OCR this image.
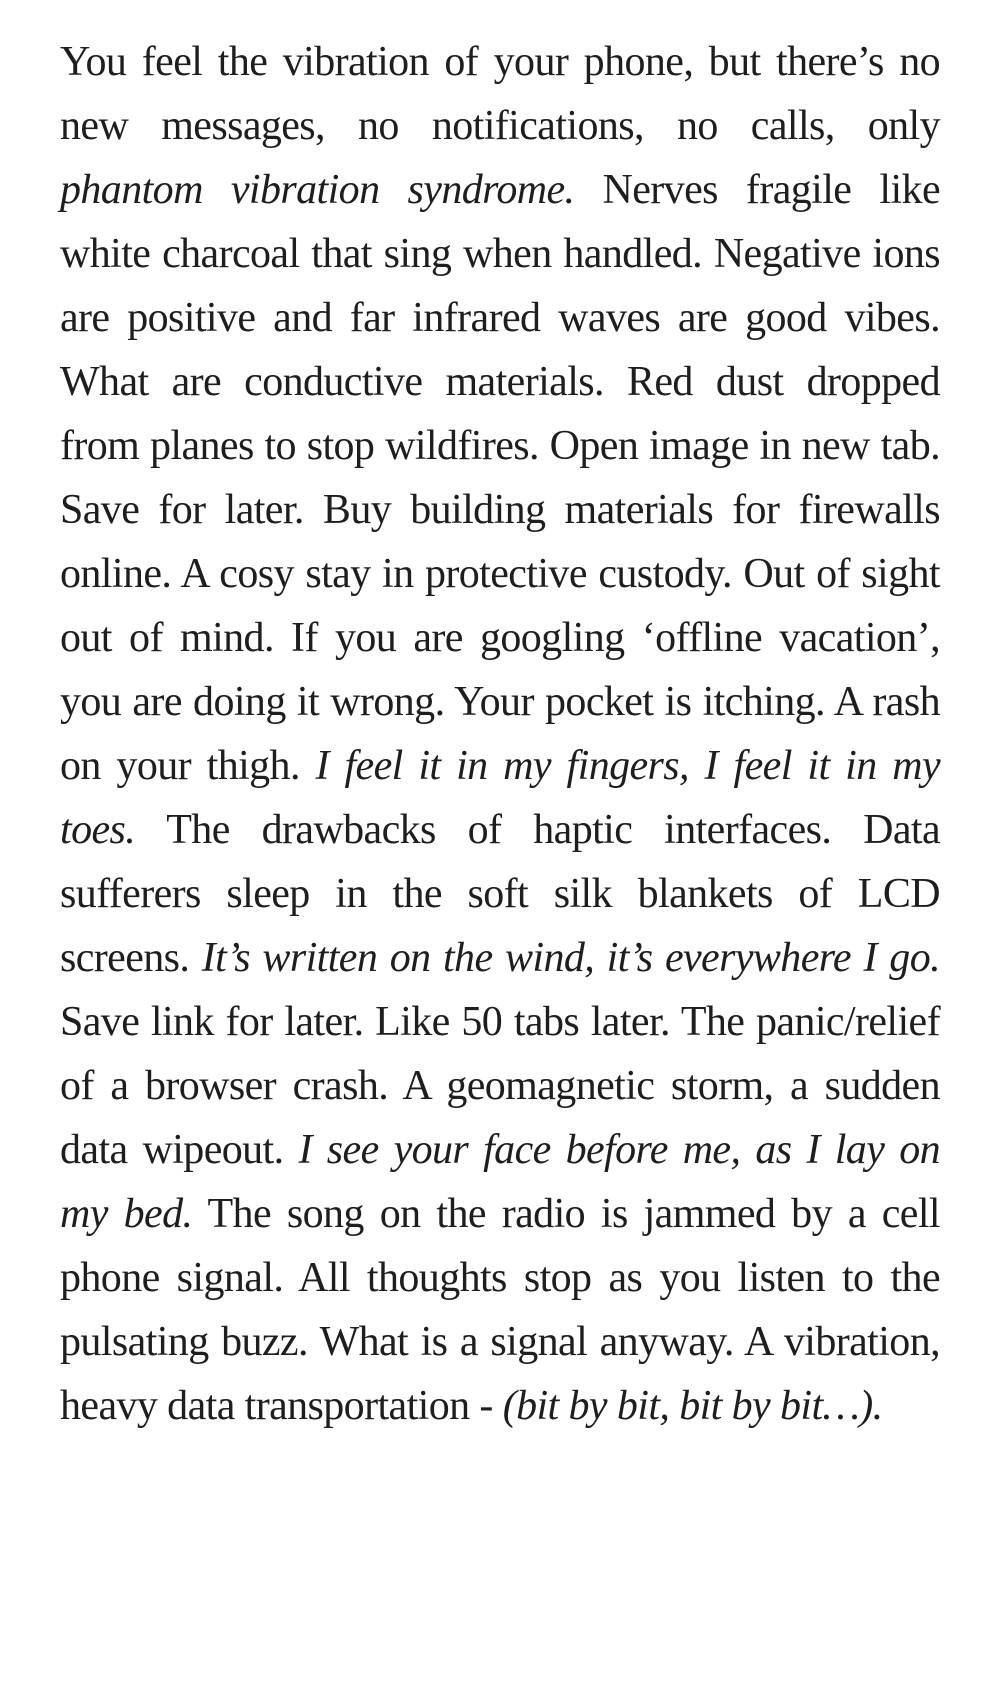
You feel the vibration of your phone, but there’s no new messages, no notifications, no calls, only phantom vibration syndrome. Nerves fragile like white charcoal that sing when handled. Negative ions are positive and far infrared waves are good vibes. What are conductive materials. Red dust dropped from planes to stop wildfires. Open image in new tab. Save for later. Buy building materials for firewalls online. A cosy stay in protective custody. Out of sight out of mind. If you are googling ‘offline vacation’, you are doing it wrong. Your pocket is itching. A rash on your thigh. I feel it in my fingers, I feel it in my toes. The drawbacks of haptic interfaces. Data sufferers sleep in the soft silk blankets of LCD screens. It’s written on the wind, it’s everywhere I go. Save link for later. Like 50 tabs later. The panic/relief of a browser crash. A geomagnetic storm, a sudden data wipeout. I see your face before me, as I lay on my bed. The song on the radio is jammed by a cell phone signal. All thoughts stop as you listen to the pulsating buzz. What is a signal anyway. A vibration, heavy data transportation - (bit by bit, bit by bit…).
